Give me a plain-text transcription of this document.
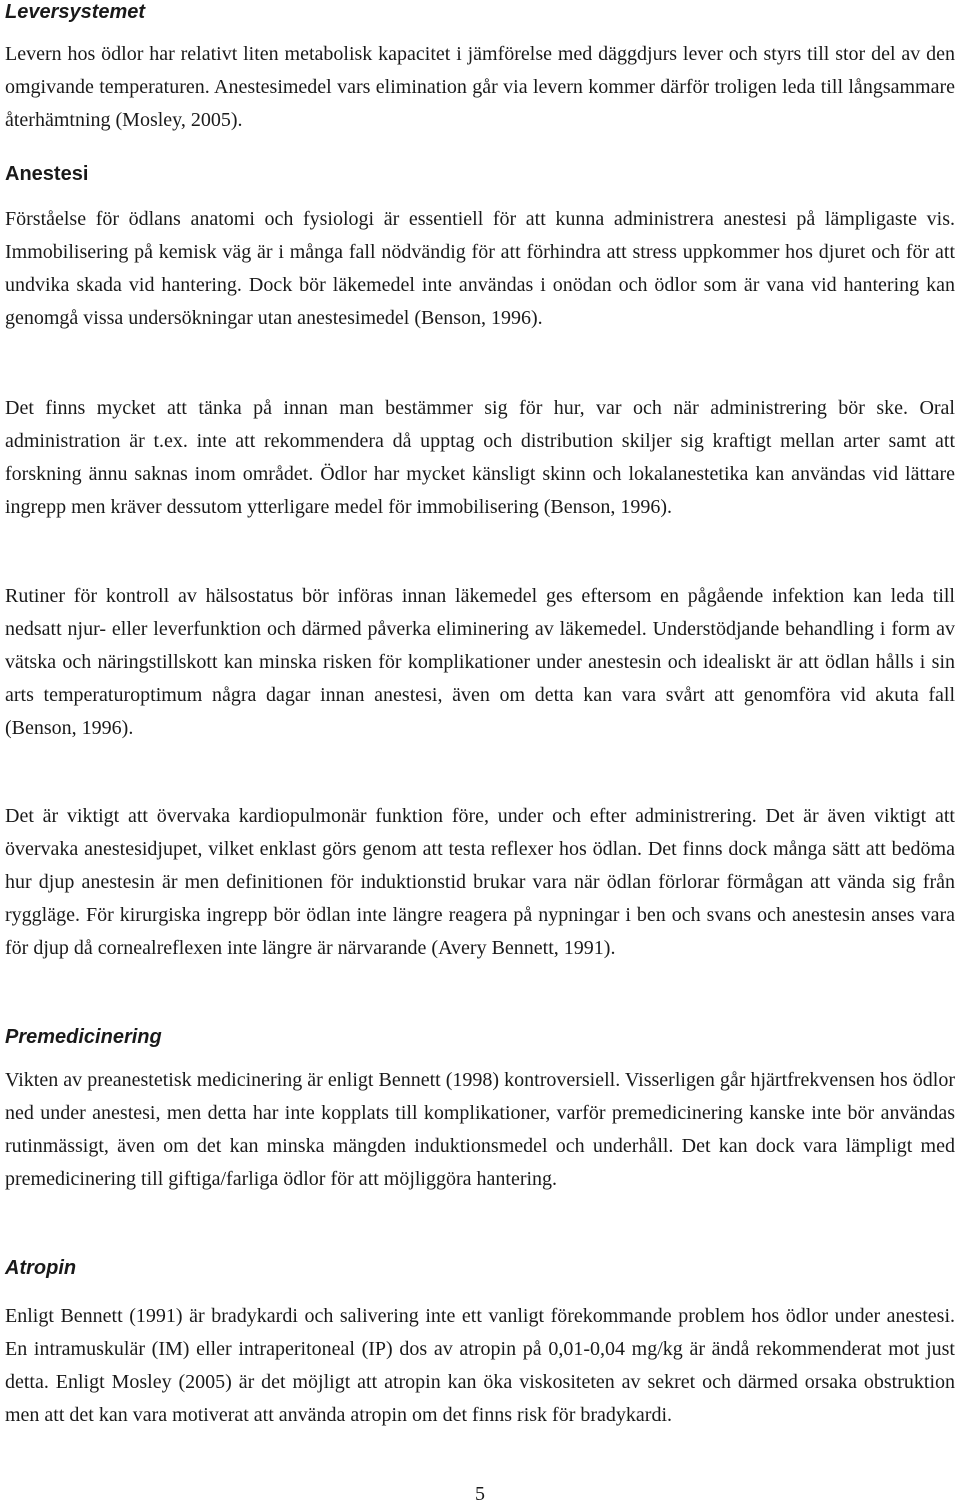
Leversystemet

Levern hos ödlor har relativt liten metabolisk kapacitet i jämförelse med däggdjurs lever och styrs till stor del av den omgivande temperaturen. Anestesimedel vars elimination går via levern kommer därför troligen leda till långsammare återhämtning (Mosley, 2005).

Anestesi

Förståelse för ödlans anatomi och fysiologi är essentiell för att kunna administrera anestesi på lämpligaste vis. Immobilisering på kemisk väg är i många fall nödvändig för att förhindra att stress uppkommer hos djuret och för att undvika skada vid hantering. Dock bör läkemedel inte användas i onödan och ödlor som är vana vid hantering kan genomgå vissa undersökningar utan anestesimedel (Benson, 1996).

Det finns mycket att tänka på innan man bestämmer sig för hur, var och när administrering bör ske. Oral administration är t.ex. inte att rekommendera då upptag och distribution skiljer sig kraftigt mellan arter samt att forskning ännu saknas inom området. Ödlor har mycket känsligt skinn och lokalanestetika kan användas vid lättare ingrepp men kräver dessutom ytterligare medel för immobilisering (Benson, 1996).

Rutiner för kontroll av hälsostatus bör införas innan läkemedel ges eftersom en pågående infektion kan leda till nedsatt njur- eller leverfunktion och därmed påverka eliminering av läkemedel. Understödjande behandling i form av vätska och näringstillskott kan minska risken för komplikationer under anestesin och idealiskt är att ödlan hålls i sin arts temperaturoptimum några dagar innan anestesi, även om detta kan vara svårt att genomföra vid akuta fall (Benson, 1996).

Det är viktigt att övervaka kardiopulmonär funktion före, under och efter administrering. Det är även viktigt att övervaka anestesidjupet, vilket enklast görs genom att testa reflexer hos ödlan. Det finns dock många sätt att bedöma hur djup anestesin är men definitionen för induktionstid brukar vara när ödlan förlorar förmågan att vända sig från ryggläge. För kirurgiska ingrepp bör ödlan inte längre reagera på nypningar i ben och svans och anestesin anses vara för djup då cornealreflexen inte längre är närvarande (Avery Bennett, 1991).

Premedicinering

Vikten av preanestetisk medicinering är enligt Bennett (1998) kontroversiell. Visserligen går hjärtfrekvensen hos ödlor ned under anestesi, men detta har inte kopplats till komplikationer, varför premedicinering kanske inte bör användas rutinmässigt, även om det kan minska mängden induktionsmedel och underhåll. Det kan dock vara lämpligt med premedicinering till giftiga/farliga ödlor för att möjliggöra hantering.

Atropin

Enligt Bennett (1991) är bradykardi och salivering inte ett vanligt förekommande problem hos ödlor under anestesi. En intramuskulär (IM) eller intraperitoneal (IP) dos av atropin på 0,01-0,04 mg/kg är ändå rekommenderat mot just detta. Enligt Mosley (2005) är det möjligt att atropin kan öka viskositeten av sekret och därmed orsaka obstruktion men att det kan vara motiverat att använda atropin om det finns risk för bradykardi.

5
